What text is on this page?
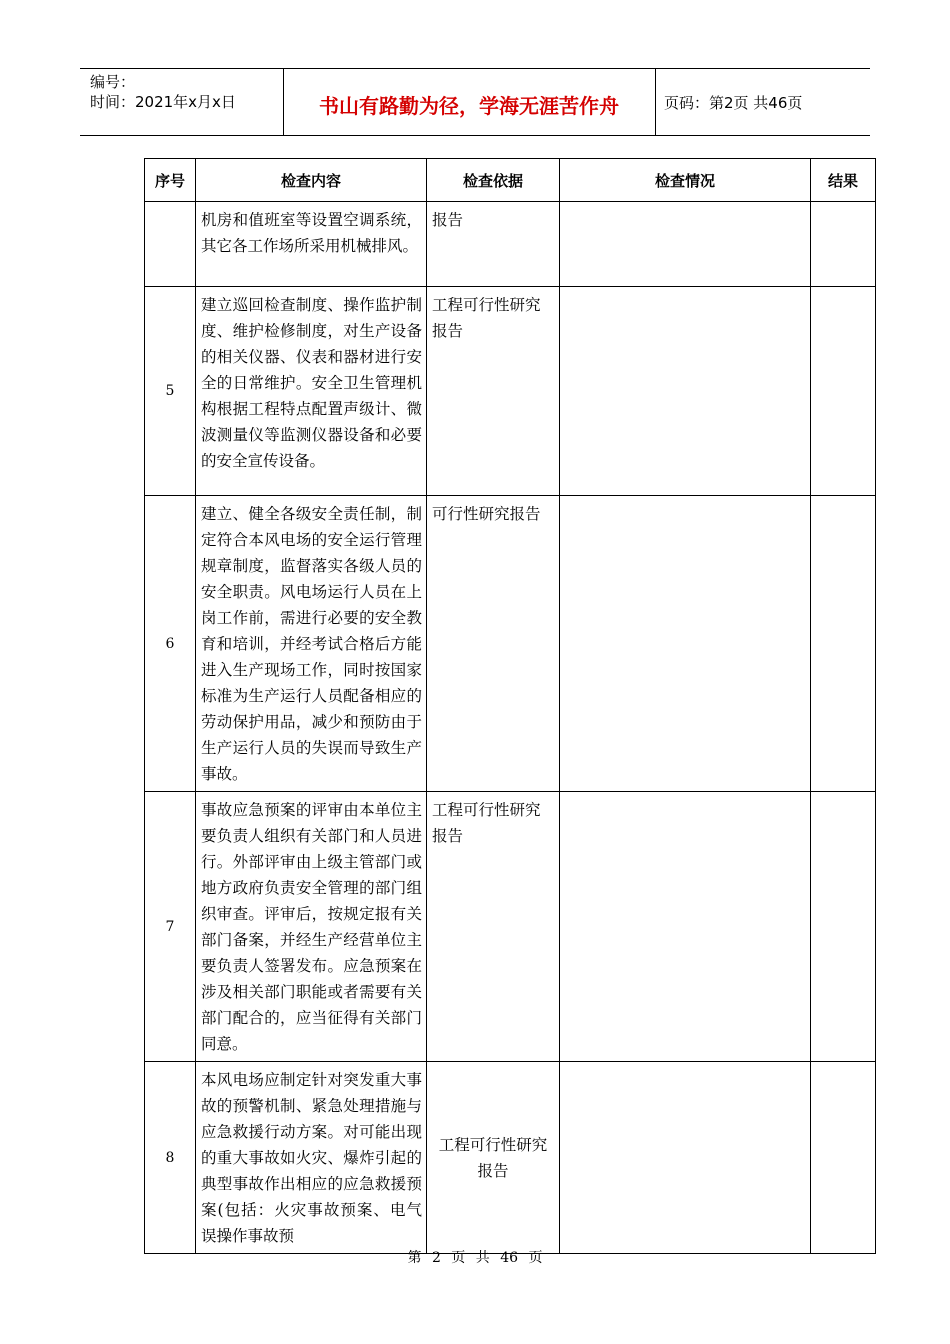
编号：
时间：2021年x月x日	书山有路勤为径，学海无涯苦作舟	页码：第2页 共46页
序号	检查内容	检查依据	检查情况	结果
	机房和值班室等设置空调系统，其它各工作场所采用机械排风。	报告		
5	建立巡回检查制度、操作监护制度、维护检修制度，对生产设备的相关仪器、仪表和器材进行安全的日常维护。安全卫生管理机构根据工程特点配置声级计、微波测量仪等监测仪器设备和必要的安全宣传设备。	工程可行性研究报告		
6	建立、健全各级安全责任制，制定符合本风电场的安全运行管理规章制度，监督落实各级人员的安全职责。风电场运行人员在上岗工作前，需进行必要的安全教育和培训，并经考试合格后方能进入生产现场工作，同时按国家标准为生产运行人员配备相应的劳动保护用品，减少和预防由于生产运行人员的失误而导致生产事故。	可行性研究报告		
7	事故应急预案的评审由本单位主要负责人组织有关部门和人员进行。外部评审由上级主管部门或地方政府负责安全管理的部门组织审查。评审后，按规定报有关部门备案，并经生产经营单位主要负责人签署发布。应急预案在涉及相关部门职能或者需要有关部门配合的，应当征得有关部门同意。	工程可行性研究报告		
8	本风电场应制定针对突发重大事故的预警机制、紧急处理措施与应急救援行动方案。对可能出现的重大事故如火灾、爆炸引起的典型事故作出相应的应急救援预案(包括：火灾事故预案、电气误操作事故预	工程可行性研究报告		
第 2 页 共 46 页
